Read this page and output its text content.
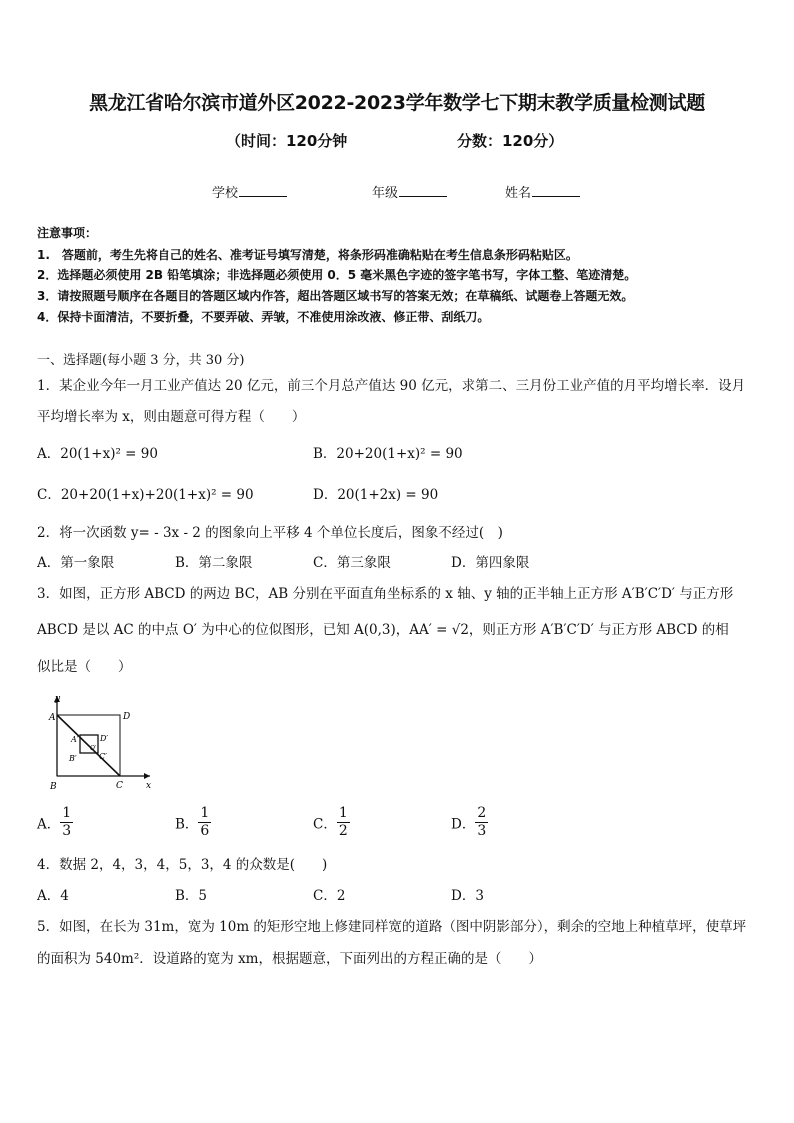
黑龙江省哈尔滨市道外区2022-2023学年数学七下期末教学质量检测试题
（时间：120分钟	分数：120分）
学校	年级	姓名
注意事项：
1.　答题前，考生先将自己的姓名、准考证号填写清楚，将条形码准确粘贴在考生信息条形码粘贴区。
2．选择题必须使用 2B 铅笔填涂；非选择题必须使用 0．5 毫米黑色字迹的签字笔书写，字体工整、笔迹清楚。
3．请按照题号顺序在各题目的答题区域内作答，超出答题区域书写的答案无效；在草稿纸、试题卷上答题无效。
4．保持卡面清洁，不要折叠，不要弄破、弄皱，不准使用涂改液、修正带、刮纸刀。
一、选择题(每小题 3 分，共 30 分)
1．某企业今年一月工业产值达 20 亿元，前三个月总产值达 90 亿元，求第二、三月份工业产值的月平均增长率．设月
平均增长率为 x，则由题意可得方程（　　）
A．20(1+x)² = 90	B．20+20(1+x)² = 90
C．20+20(1+x)+20(1+x)² = 90	D．20(1+2x) = 90
2．将一次函数 y= - 3x - 2 的图象向上平移 4 个单位长度后，图象不经过(　)
A．第一象限	B．第二象限	C．第三象限	D．第四象限
3．如图，正方形 ABCD 的两边 BC，AB 分别在平面直角坐标系的 x 轴、y 轴的正半轴上正方形 A′B′C′D′ 与正方形
ABCD 是以 AC 的中点 O′ 为中心的位似图形，已知 A(0,3)，AA′ = √2，则正方形 A′B′C′D′ 与正方形 ABCD 的相
似比是（　　）
y
x
A
B	C
D
A′
B′	C′
D′
O′
A． $\frac{1}{3}$	B． $\frac{1}{6}$	C． $\frac{1}{2}$	D． $\frac{2}{3}$
4．数据 2，4，3，4，5，3，4 的众数是(　　)
A．4	B．5	C．2	D．3
5．如图，在长为 31m，宽为 10m 的矩形空地上修建同样宽的道路（图中阴影部分），剩余的空地上种植草坪，使草坪
的面积为 540m²．设道路的宽为 xm，根据题意，下面列出的方程正确的是（　　）
